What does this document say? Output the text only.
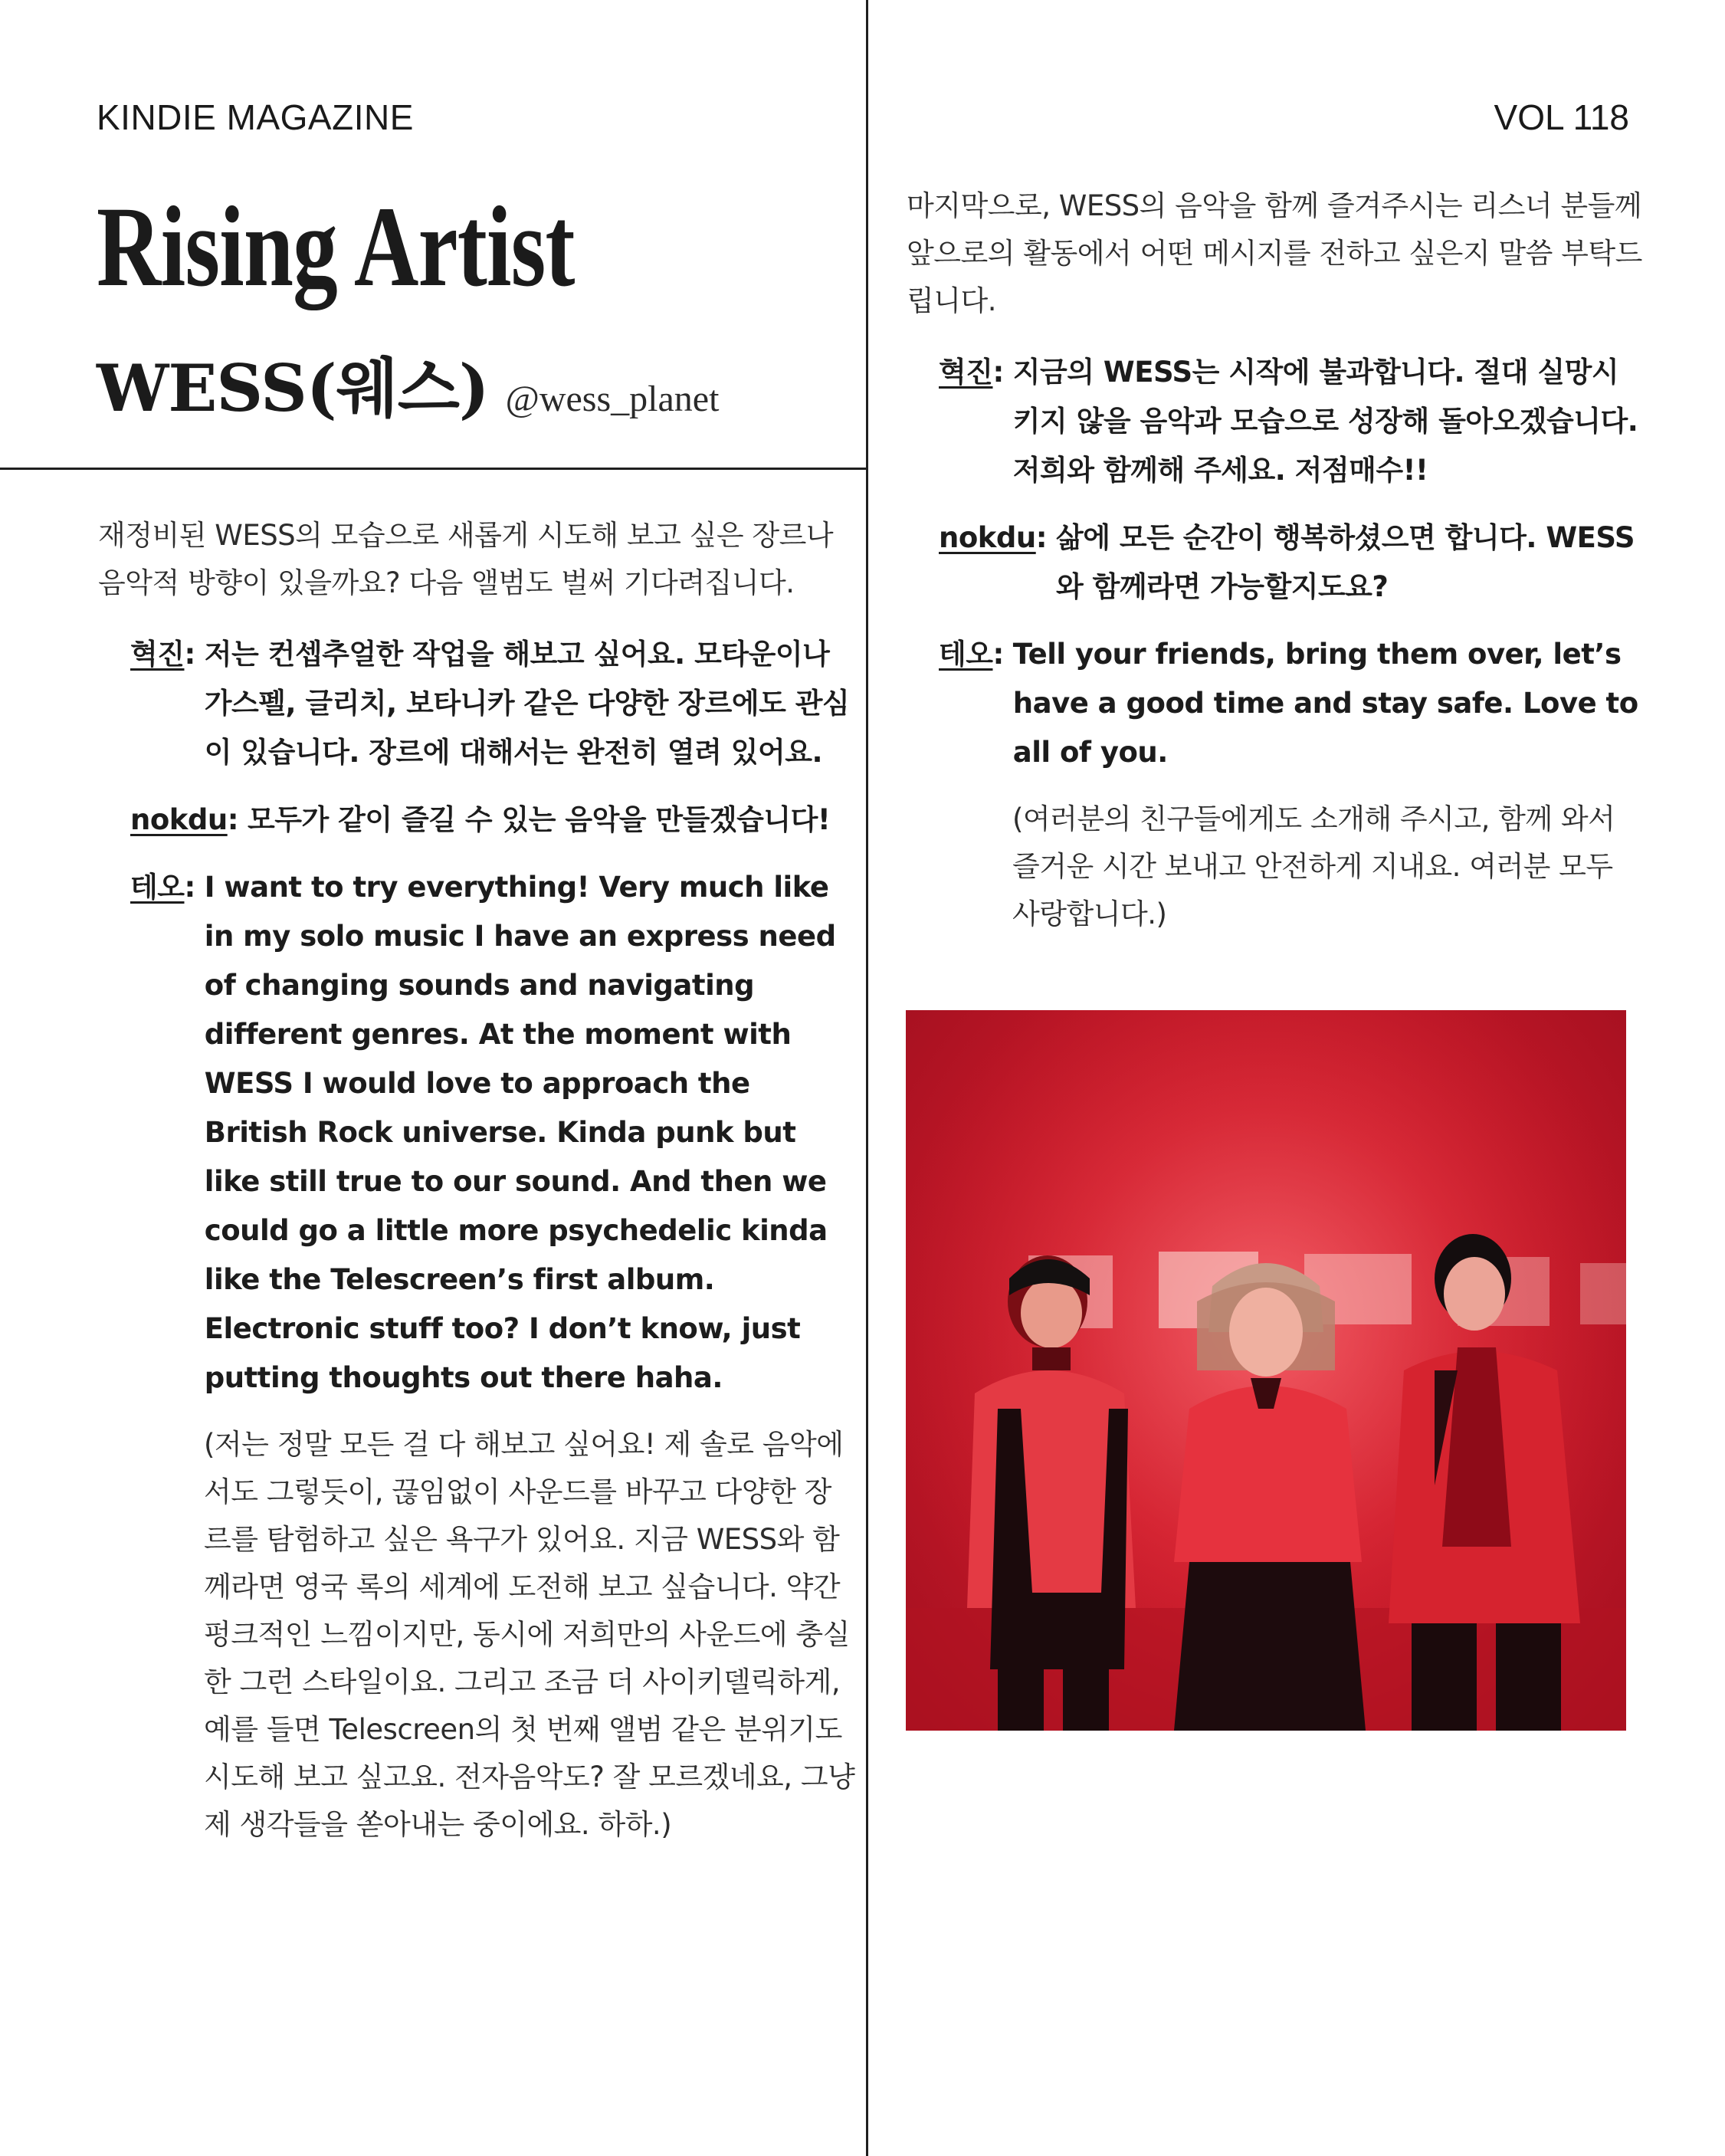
KINDIE MAGAZINE	VOL 118
Rising Artist
WESS(웨스) @wess_planet

재정비된 WESS의 모습으로 새롭게 시도해 보고 싶은 장르나 음악적 방향이 있을까요? 다음 앨범도 벌써 기다려집니다.

혁진 : 저는 컨셉추얼한 작업을 해보고 싶어요. 모타운이나 가스펠, 글리치, 보타니카 같은 다양한 장르에도 관심이 있습니다. 장르에 대해서는 완전히 열려 있어요.
nokdu : 모두가 같이 즐길 수 있는 음악을 만들겠습니다!
테오 : I want to try everything! Very much like in my solo music I have an express need of changing sounds and navigating different genres. At the moment with WESS I would love to approach the British Rock universe. Kinda punk but like still true to our sound. And then we could go a little more psychedelic kinda like the Telescreen’s first album. Electronic stuff too? I don’t know, just putting thoughts out there haha.

(저는 정말 모든 걸 다 해보고 싶어요! 제 솔로 음악에서도 그렇듯이, 끊임없이 사운드를 바꾸고 다양한 장르를 탐험하고 싶은 욕구가 있어요. 지금 WESS와 함께라면 영국 록의 세계에 도전해 보고 싶습니다. 약간 펑크적인 느낌이지만, 동시에 저희만의 사운드에 충실한 그런 스타일이요. 그리고 조금 더 사이키델릭하게, 예를 들면 Telescreen의 첫 번째 앨범 같은 분위기도 시도해 보고 싶고요. 전자음악도? 잘 모르겠네요, 그냥 제 생각들을 쏟아내는 중이에요. 하하.)

마지막으로, WESS의 음악을 함께 즐겨주시는 리스너 분들께 앞으로의 활동에서 어떤 메시지를 전하고 싶은지 말씀 부탁드립니다.

혁진 : 지금의 WESS는 시작에 불과합니다. 절대 실망시키지 않을 음악과 모습으로 성장해 돌아오겠습니다. 저희와 함께해 주세요. 저점매수!!
nokdu : 삶에 모든 순간이 행복하셨으면 합니다. WESS와 함께라면 가능할지도요?
테오 : Tell your friends, bring them over, let’s have a good time and stay safe. Love to all of you.

(여러분의 친구들에게도 소개해 주시고, 함께 와서 즐거운 시간 보내고 안전하게 지내요. 여러분 모두 사랑합니다.)
